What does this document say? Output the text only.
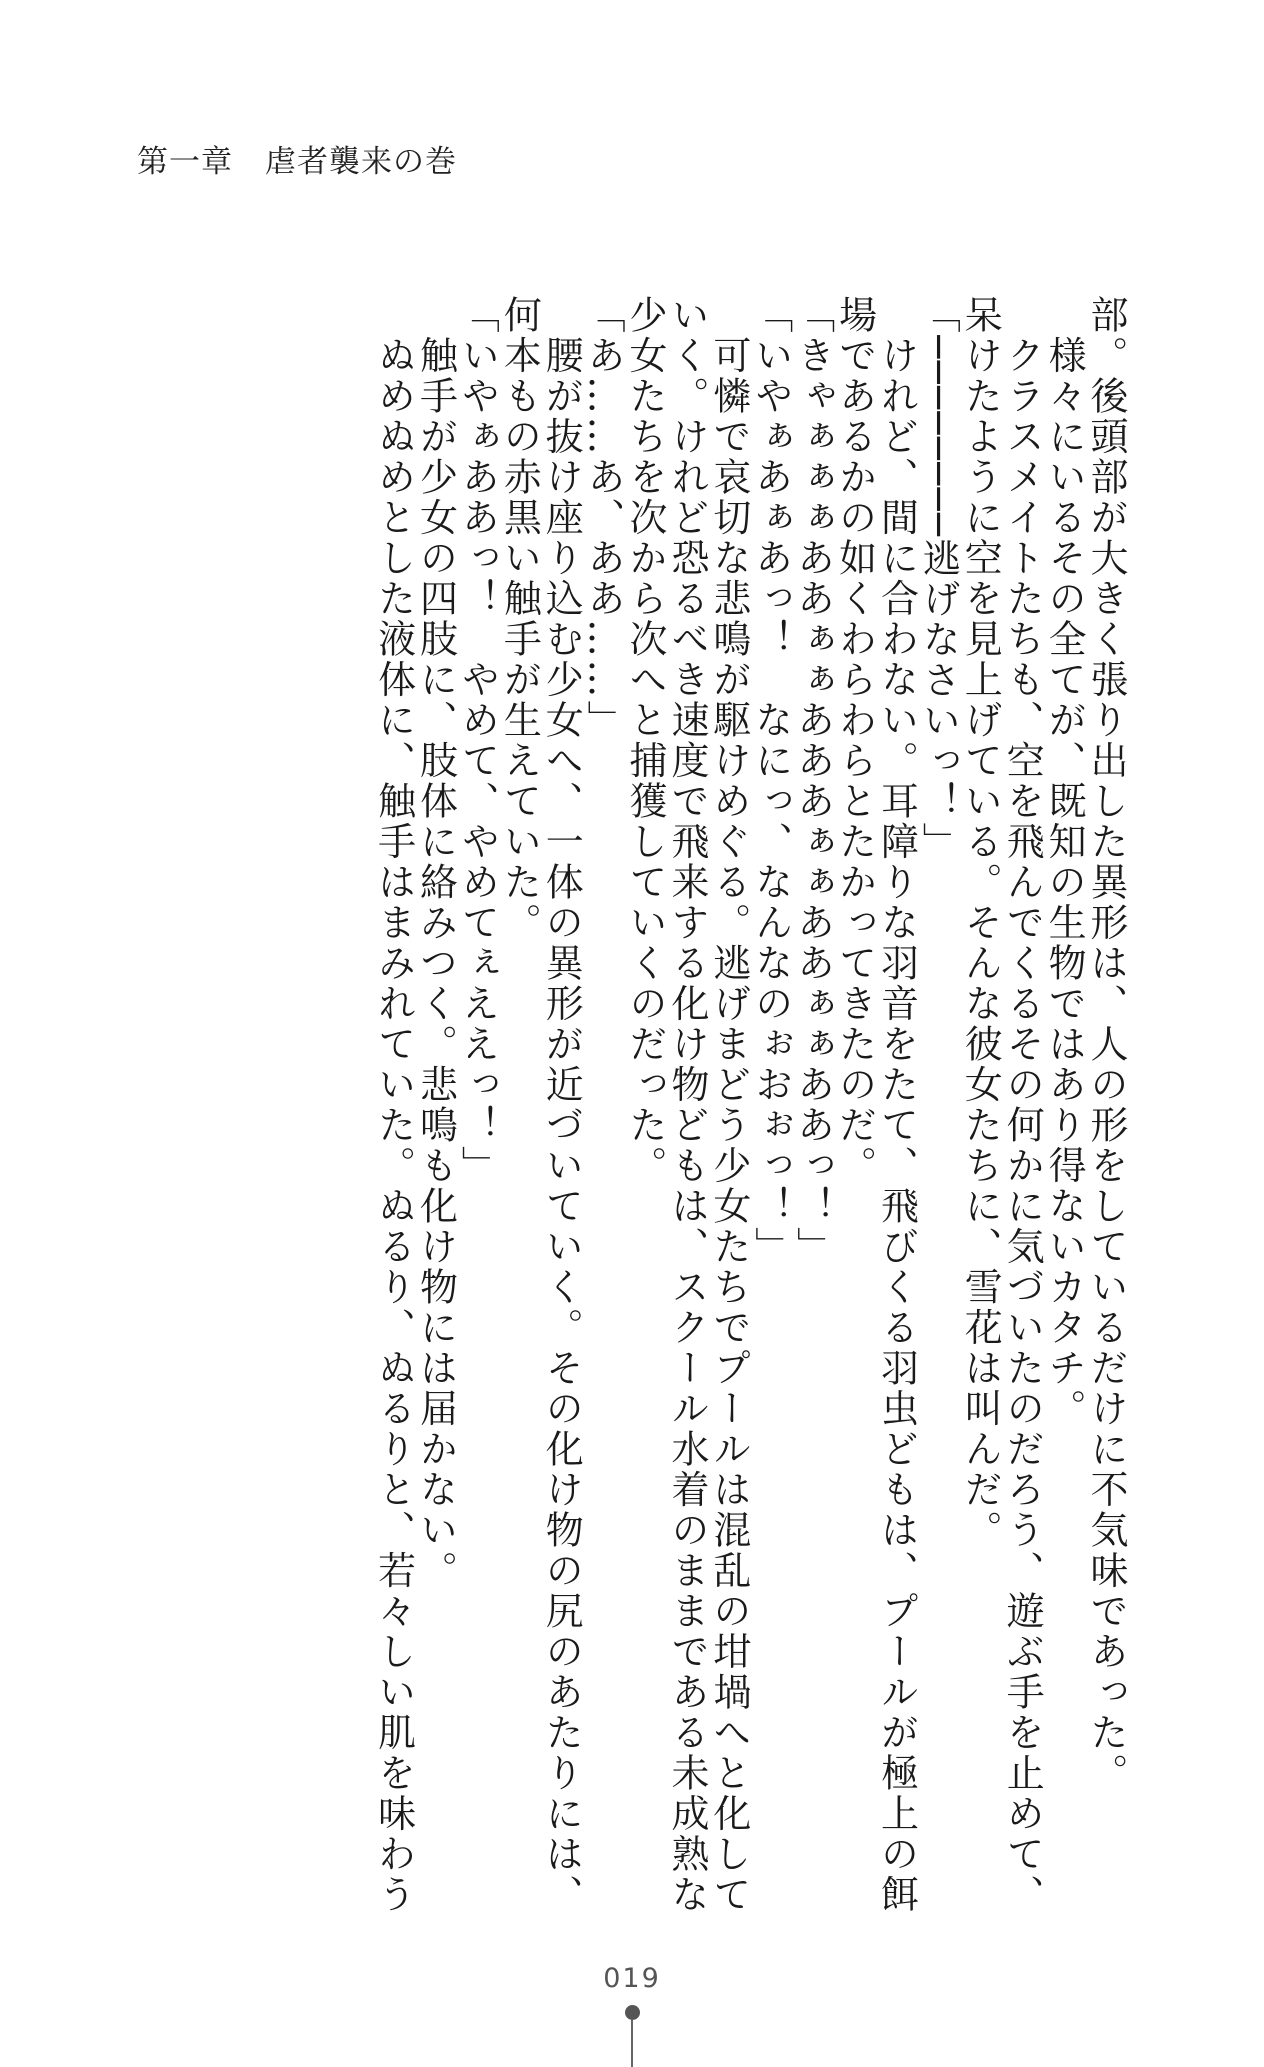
第一章　虐者襲来の巻
部。後頭部が大きく張り出した異形は、人の形をしているだけに不気味であった。
　様々にいるその全てが、既知の生物ではあり得ないカタチ。
　クラスメイトたちも、空を飛んでくるその何かに気づいたのだろう、遊ぶ手を止めて、
呆けたように空を見上げている。そんな彼女たちに、雪花は叫んだ。
「────────逃げなさいっ！」
　けれど、間に合わない。耳障りな羽音をたて、飛びくる羽虫どもは、プールが極上の餌
場であるかの如くわらわらとたかってきたのだ。
「きゃぁぁぁああぁぁあああぁぁああぁぁああっ！」
「いやぁあぁあっ！　なにっ、なんなのぉおぉっ！」
　可憐で哀切な悲鳴が駆けめぐる。逃げまどう少女たちでプールは混乱の坩堝へと化して
いく。けれど恐るべき速度で飛来する化け物どもは、スクール水着のままである未成熟な
少女たちを次から次へと捕獲していくのだった。
「あ……あ、ああ……」
　腰が抜け座り込む少女へ、一体の異形が近づいていく。その化け物の尻のあたりには、
何本もの赤黒い触手が生えていた。
「いやぁああっ！　やめて、やめてぇええっ！」
　触手が少女の四肢に、肢体に絡みつく。悲鳴も化け物には届かない。
　ぬめぬめとした液体に、触手はまみれていた。ぬるり、ぬるりと、若々しい肌を味わう
019
